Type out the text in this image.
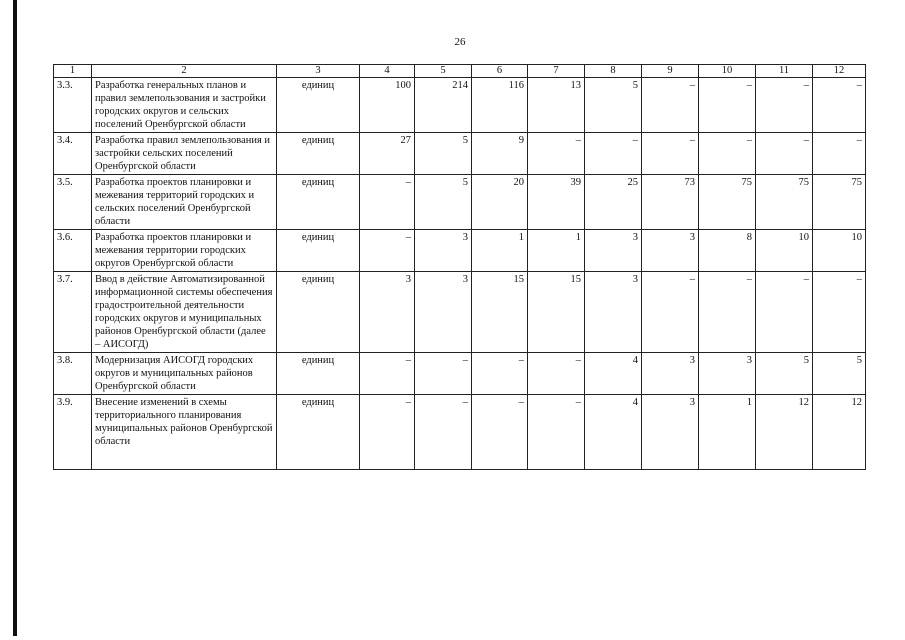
26
1	2	3	4	5	6	7	8	9	10	11	12
3.3.	Разработка генеральных планов и правил землепользования и застройки городских округов и сельских поселений Оренбургской области	единиц	100	214	116	13	5	–	–	–	–
3.4.	Разработка правил землепользования и застройки сельских поселений Оренбургской области	единиц	27	5	9	–	–	–	–	–	–
3.5.	Разработка проектов планировки и межевания территорий городских и сельских поселений Оренбургской области	единиц	–	5	20	39	25	73	75	75	75
3.6.	Разработка проектов планировки и межевания территории городских округов Оренбургской области	единиц	–	3	1	1	3	3	8	10	10
3.7.	Ввод в действие Автоматизированной информационной системы обеспечения градостроительной деятельности городских округов и муниципальных районов Оренбургской области (далее – АИСОГД)	единиц	3	3	15	15	3	–	–	–	–
3.8.	Модернизация АИСОГД городских округов и муниципальных районов Оренбургской области	единиц	–	–	–	–	4	3	3	5	5
3.9.	Внесение изменений в схемы территориального планирования муниципальных районов Оренбургской области	единиц	–	–	–	–	4	3	1	12	12
